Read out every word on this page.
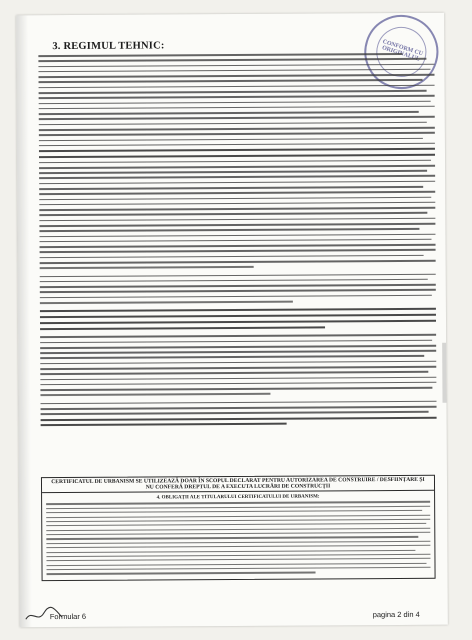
3. REGIMUL TEHNIC:	CONFORM CU ORIGINALUL
CERTIFICATUL DE URBANISM SE UTILIZEAZĂ DOAR ÎN SCOPUL DECLARAT PENTRU AUTORIZAREA DE CONSTRUIRE / DESFIINȚARE ȘI NU CONFERĂ DREPTUL DE A EXECUTA LUCRĂRI DE CONSTRUCȚII
4. OBLIGAȚII ALE TITULARULUI CERTIFICATULUI DE URBANISM:
Formular 6	pagina 2 din 4
